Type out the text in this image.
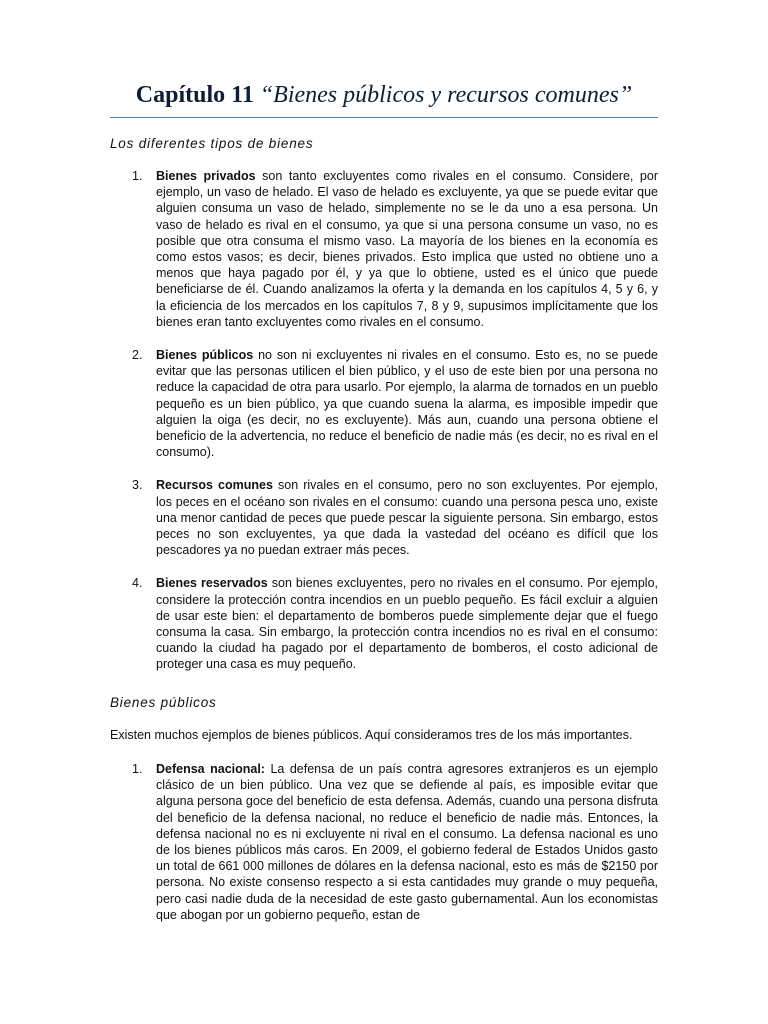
Capítulo 11 “Bienes públicos y recursos comunes”
Los diferentes tipos de bienes
1. Bienes privados son tanto excluyentes como rivales en el consumo. Considere, por ejemplo, un vaso de helado. El vaso de helado es excluyente, ya que se puede evitar que alguien consuma un vaso de helado, simplemente no se le da uno a esa persona. Un vaso de helado es rival en el consumo, ya que si una persona consume un vaso, no es posible que otra consuma el mismo vaso. La mayoría de los bienes en la economía es como estos vasos; es decir, bienes privados. Esto implica que usted no obtiene uno a menos que haya pagado por él, y ya que lo obtiene, usted es el único que puede beneficiarse de él. Cuando analizamos la oferta y la demanda en los capítulos 4, 5 y 6, y la eficiencia de los mercados en los capítulos 7, 8 y 9, supusimos implícitamente que los bienes eran tanto excluyentes como rivales en el consumo.

2. Bienes públicos no son ni excluyentes ni rivales en el consumo. Esto es, no se puede evitar que las personas utilicen el bien público, y el uso de este bien por una persona no reduce la capacidad de otra para usarlo. Por ejemplo, la alarma de tornados en un pueblo pequeño es un bien público, ya que cuando suena la alarma, es imposible impedir que alguien la oiga (es decir, no es excluyente). Más aun, cuando una persona obtiene el beneficio de la advertencia, no reduce el beneficio de nadie más (es decir, no es rival en el consumo).

3. Recursos comunes son rivales en el consumo, pero no son excluyentes. Por ejemplo, los peces en el océano son rivales en el consumo: cuando una persona pesca uno, existe una menor cantidad de peces que puede pescar la siguiente persona. Sin embargo, estos peces no son excluyentes, ya que dada la vastedad del océano es difícil que los pescadores ya no puedan extraer más peces.

4. Bienes reservados son bienes excluyentes, pero no rivales en el consumo. Por ejemplo, considere la protección contra incendios en un pueblo pequeño. Es fácil excluir a alguien de usar este bien: el departamento de bomberos puede simplemente dejar que el fuego consuma la casa. Sin embargo, la protección contra incendios no es rival en el consumo: cuando la ciudad ha pagado por el departamento de bomberos, el costo adicional de proteger una casa es muy pequeño.

Bienes públicos

Existen muchos ejemplos de bienes públicos. Aquí consideramos tres de los más importantes.

1. Defensa nacional: La defensa de un país contra agresores extranjeros es un ejemplo clásico de un bien público. Una vez que se defiende al país, es imposible evitar que alguna persona goce del beneficio de esta defensa. Además, cuando una persona disfruta del beneficio de la defensa nacional, no reduce el beneficio de nadie más. Entonces, la defensa nacional no es ni excluyente ni rival en el consumo. La defensa nacional es uno de los bienes públicos más caros. En 2009, el gobierno federal de Estados Unidos gasto un total de 661 000 millones de dólares en la defensa nacional, esto es más de $2150 por persona. No existe consenso respecto a si esta cantidades muy grande o muy pequeña, pero casi nadie duda de la necesidad de este gasto gubernamental. Aun los economistas que abogan por un gobierno pequeño, estan de
